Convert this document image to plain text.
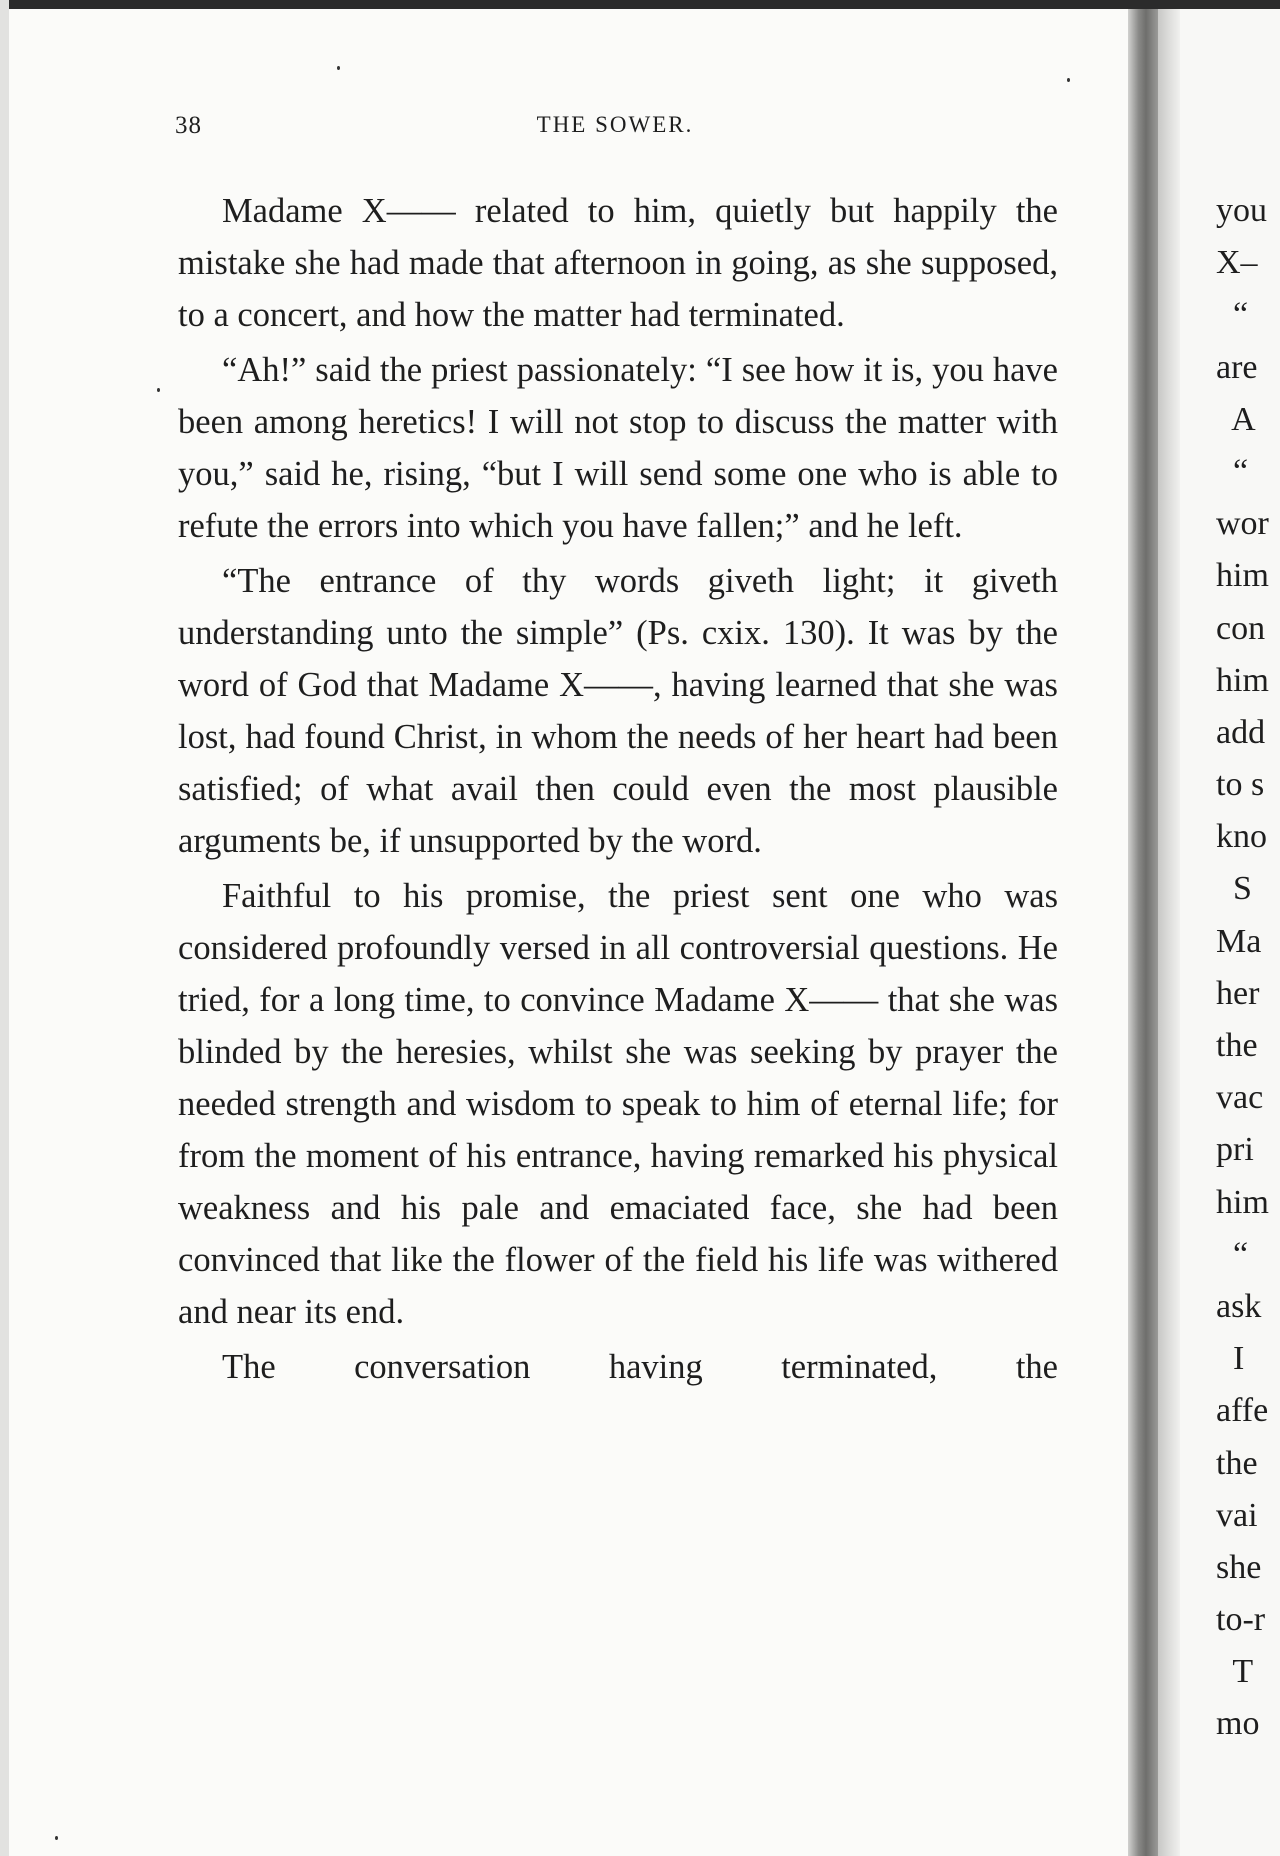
38	THE SOWER.

Madame X—— related to him, quietly but happily the mistake she had made that afternoon in going, as she supposed, to a concert, and how the matter had terminated.

“Ah!” said the priest passionately: “I see how it is, you have been among heretics! I will not stop to discuss the matter with you,” said he, rising, “but I will send some one who is able to refute the errors into which you have fallen;” and he left.

“The entrance of thy words giveth light; it giveth understanding unto the simple” (Ps. cxix. 130). It was by the word of God that Madame X——, having learned that she was lost, had found Christ, in whom the needs of her heart had been satisfied; of what avail then could even the most plausible arguments be, if unsupported by the word.

Faithful to his promise, the priest sent one who was considered profoundly versed in all controversial questions. He tried, for a long time, to convince Madame X—— that she was blinded by the heresies, whilst she was seeking by prayer the needed strength and wisdom to speak to him of eternal life; for from the moment of his entrance, having remarked his physical weakness and his pale and emaciated face, she had been convinced that like the flower of the field his life was withered and near its end.

The conversation having terminated, the

you
X–
“
are
A
“
wor
him
con
him
add
to s
kno
S
Ma
her
the
vac
pri
him
“
ask
I
affe
the
vai
she
to-r
T
mo
